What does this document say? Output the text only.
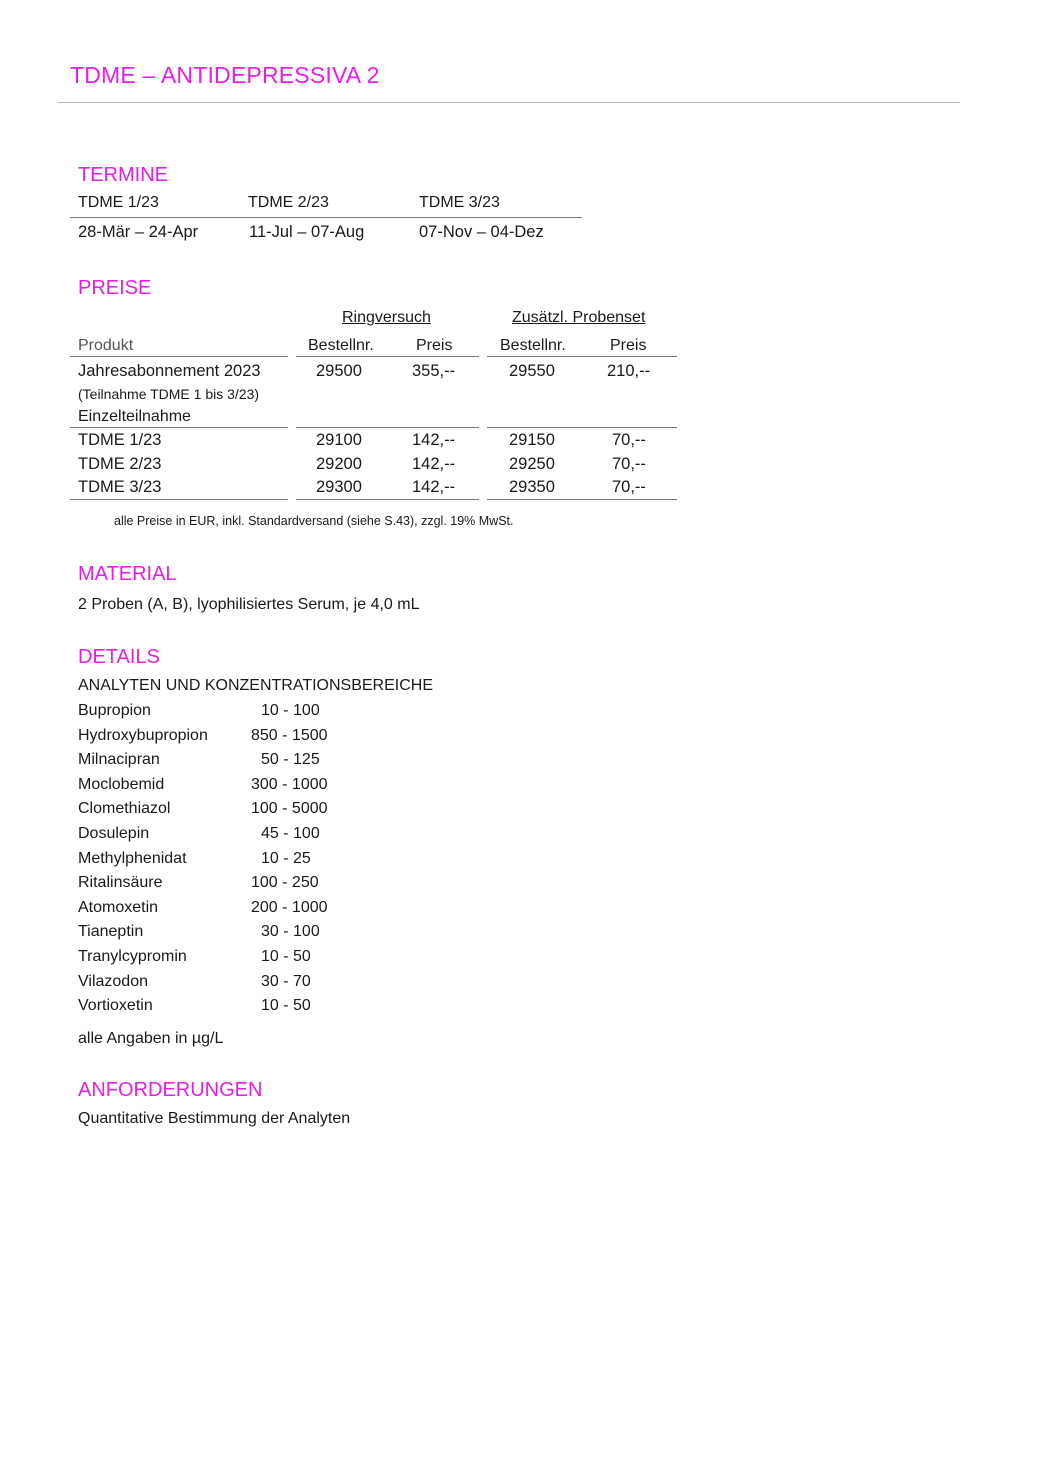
TDME – ANTIDEPRESSIVA 2
TERMINE
TDME 1/23	TDME 2/23	TDME 3/23
28-Mär – 24-Apr	11-Jul – 07-Aug	07-Nov – 04-Dez
PREISE
Ringversuch	Zusätzl. Probenset
Produkt	Bestellnr.	Preis	Bestellnr.	Preis
Jahresabonnement 2023	29500	355,--	29550	210,--
(Teilnahme TDME 1 bis 3/23)
Einzelteilnahme
TDME 1/23	29100	142,--	29150	70,--
TDME 2/23	29200	142,--	29250	70,--
TDME 3/23	29300	142,--	29350	70,--
alle Preise in EUR, inkl. Standardversand (siehe S.43), zzgl. 19% MwSt.
MATERIAL
2 Proben (A, B), lyophilisiertes Serum, je 4,0 mL
DETAILS
ANALYTEN UND KONZENTRATIONSBEREICHE
Bupropion	10 - 100
Hydroxybupropion	850 - 1500
Milnacipran	50 - 125
Moclobemid	300 - 1000
Clomethiazol	100 - 5000
Dosulepin	45 - 100
Methylphenidat	10 - 25
Ritalinsäure	100 - 250
Atomoxetin	200 - 1000
Tianeptin	30 - 100
Tranylcypromin	10 - 50
Vilazodon	30 - 70
Vortioxetin	10 - 50
alle Angaben in µg/L
ANFORDERUNGEN
Quantitative Bestimmung der Analyten
